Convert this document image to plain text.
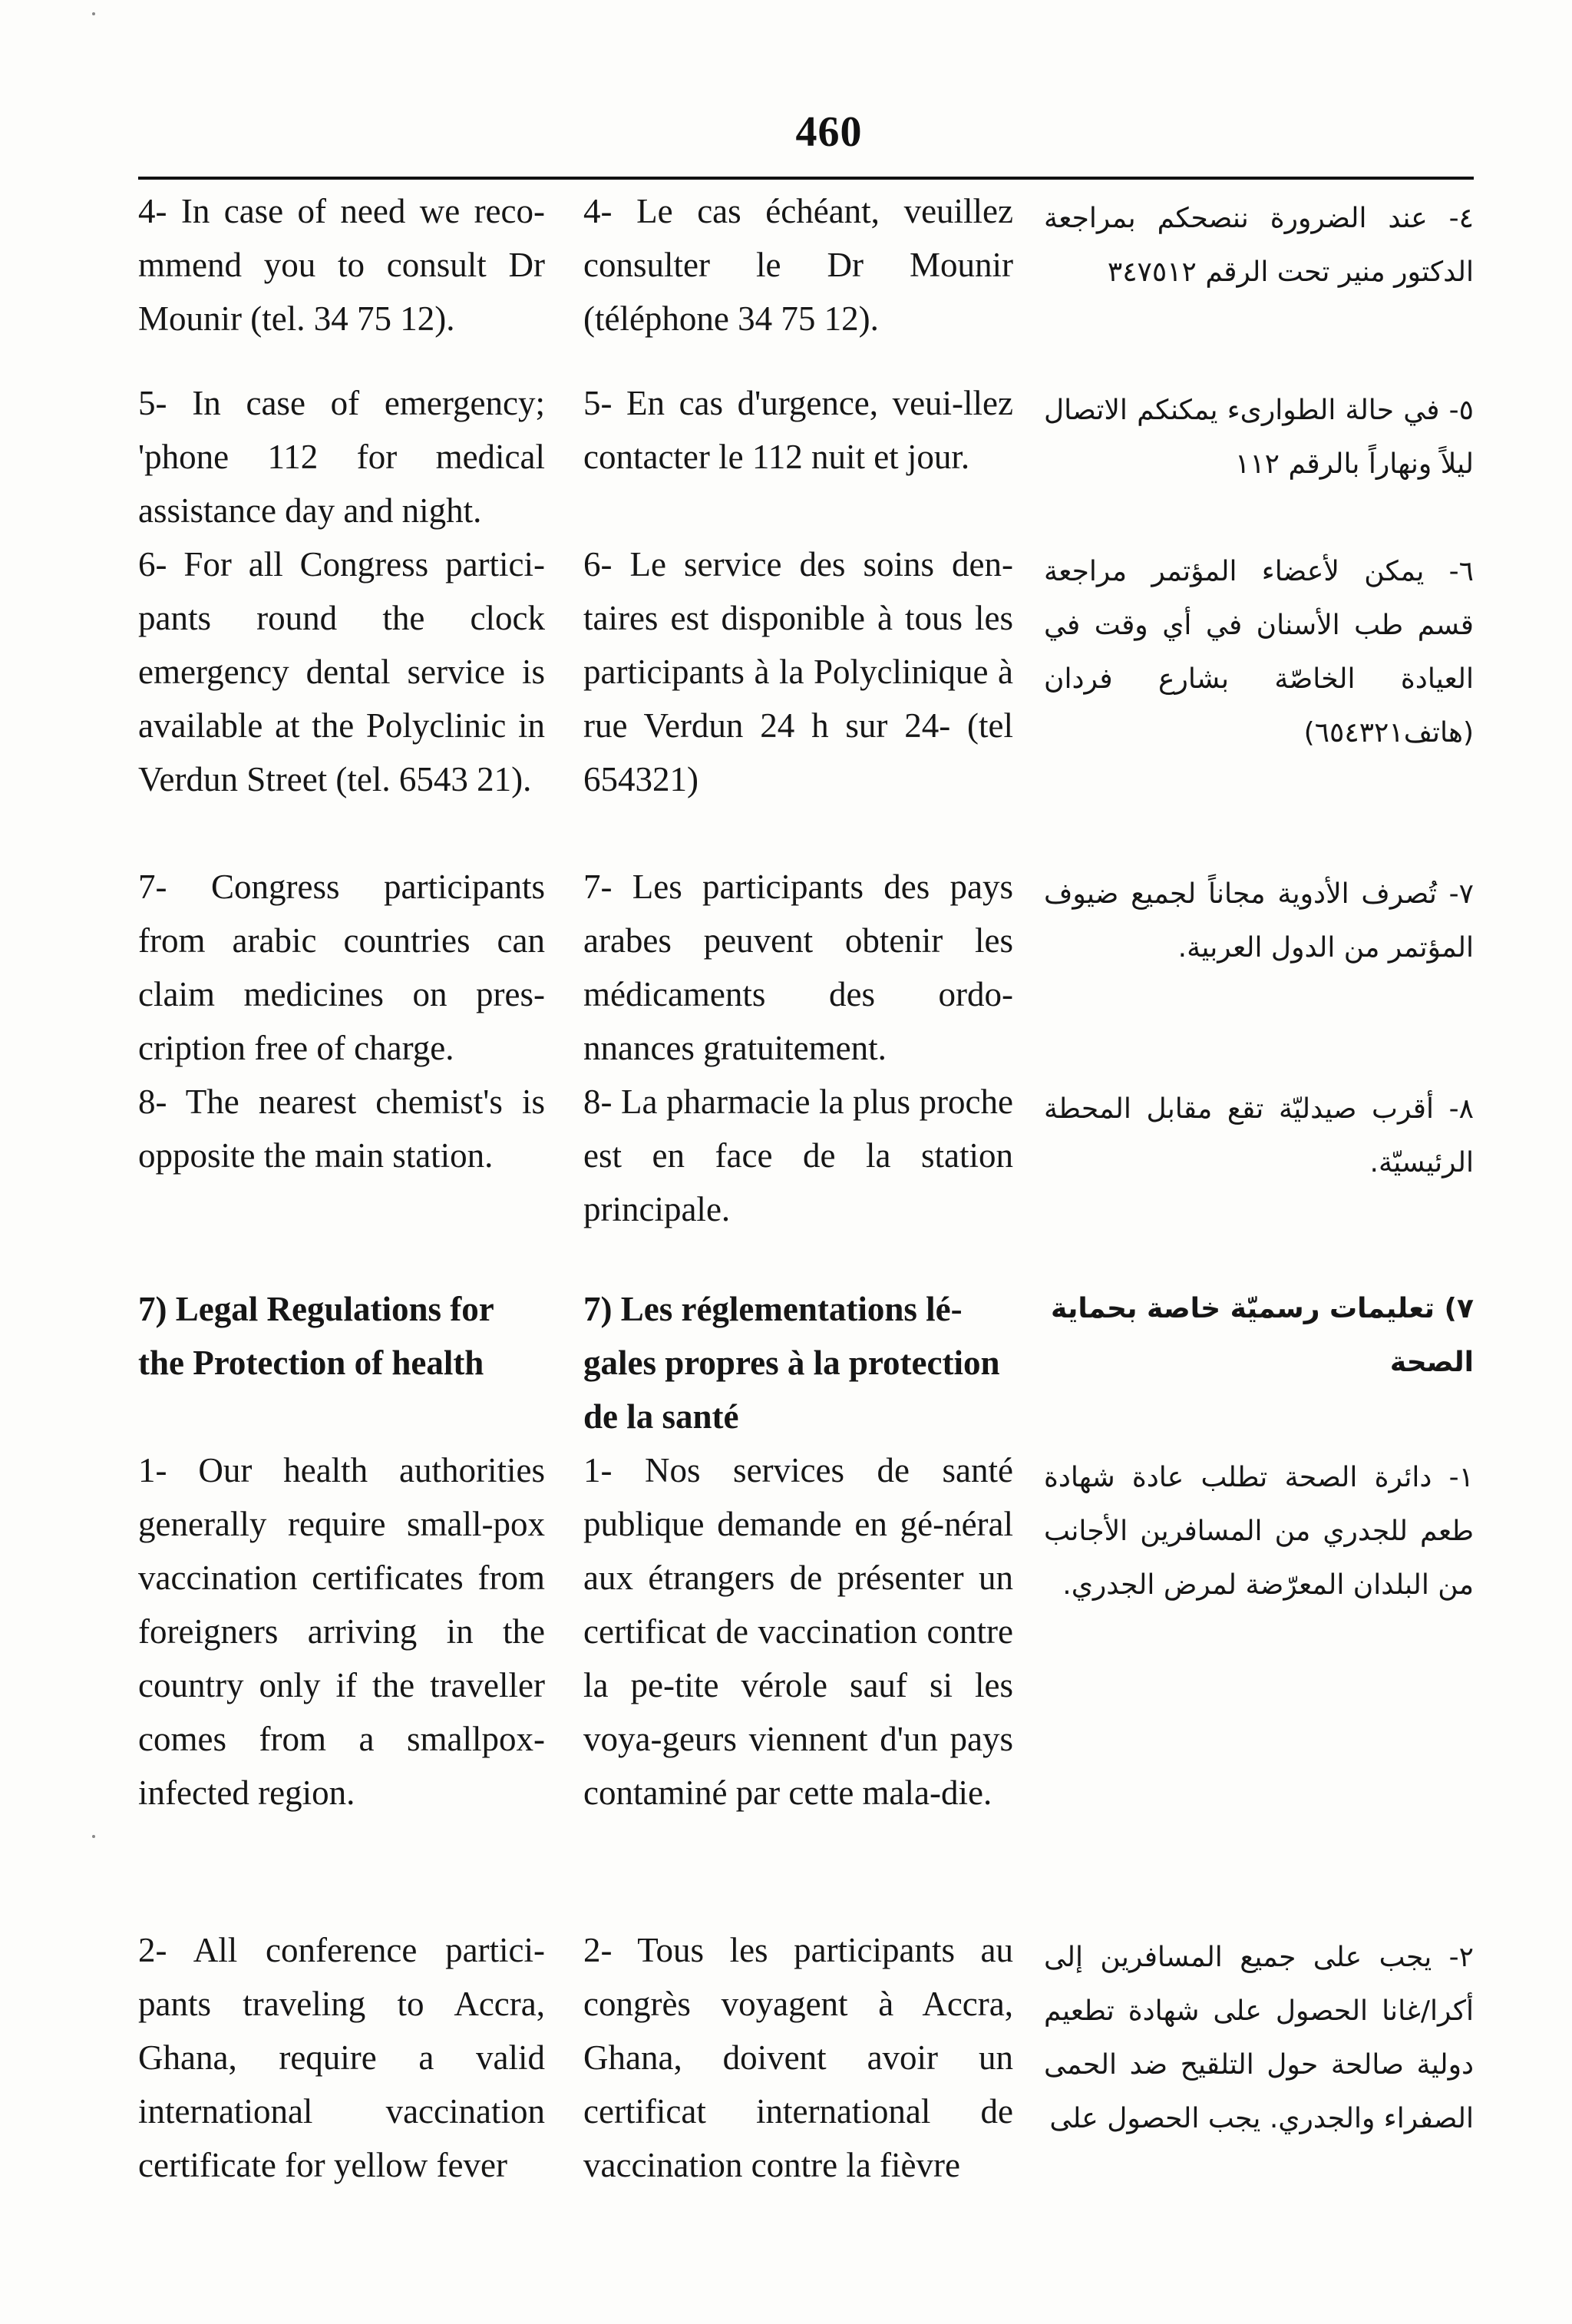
460
4- In case of need we reco-mmend you to consult Dr Mounir (tel. 34 75 12).
5- In case of emergency; 'phone 112 for medical assistance day and night.
6- For all Congress partici-pants round the clock emergency dental service is available at the Polyclinic in Verdun Street (tel. 6543 21).
7- Congress participants from arabic countries can claim medicines on pres-cription free of charge.
8- The nearest chemist's is opposite the main station.
7) Legal Regulations for the Protection of health
1- Our health authorities generally require small-pox vaccination certificates from foreigners arriving in the country only if the traveller comes from a smallpox-infected region.
2- All conference partici-pants traveling to Accra, Ghana, require a valid international vaccination certificate for yellow fever
4- Le cas échéant, veuillez consulter le Dr Mounir (téléphone 34 75 12).
5- En cas d'urgence, veui-llez contacter le 112 nuit et jour.
6- Le service des soins den-taires est disponible à tous les participants à la Polyclinique à rue Verdun 24 h sur 24- (tel 654321)
7- Les participants des pays arabes peuvent obtenir les médicaments des ordo-nnances gratuitement.
8- La pharmacie la plus proche est en face de la station principale.
7) Les réglementations lé-gales propres à la protection de la santé
1- Nos services de santé publique demande en gé-néral aux étrangers de présenter un certificat de vaccination contre la pe-tite vérole sauf si les voya-geurs viennent d'un pays contaminé par cette mala-die.
2- Tous les participants au congrès voyagent à Accra, Ghana, doivent avoir un certificat international de vaccination contre la fièvre
٤- عند الضرورة ننصحكم بمراجعة الدكتور منير تحت الرقم ٣٤٧٥١٢
٥- في حالة الطوارىء يمكنكم الاتصال ليلاً ونهاراً بالرقم ١١٢
٦- يمكن لأعضاء المؤتمر مراجعة قسم طب الأسنان في أي وقت في العيادة الخاصّة بشارع فردان (هاتف٦٥٤٣٢١)
٧- تُصرف الأدوية مجاناً لجميع ضيوف المؤتمر من الدول العربية.
٨- أقرب صيدليّة تقع مقابل المحطة الرئيسيّة.
٧) تعليمات رسميّة خاصة بحماية الصحة
١- دائرة الصحة تطلب عادة شهادة طعم للجدري من المسافرين الأجانب من البلدان المعرّضة لمرض الجدري.
٢- يجب على جميع المسافرين إلى أكرا/غانا الحصول على شهادة تطعيم دولية صالحة حول التلقيح ضد الحمى الصفراء والجدري. يجب الحصول على
